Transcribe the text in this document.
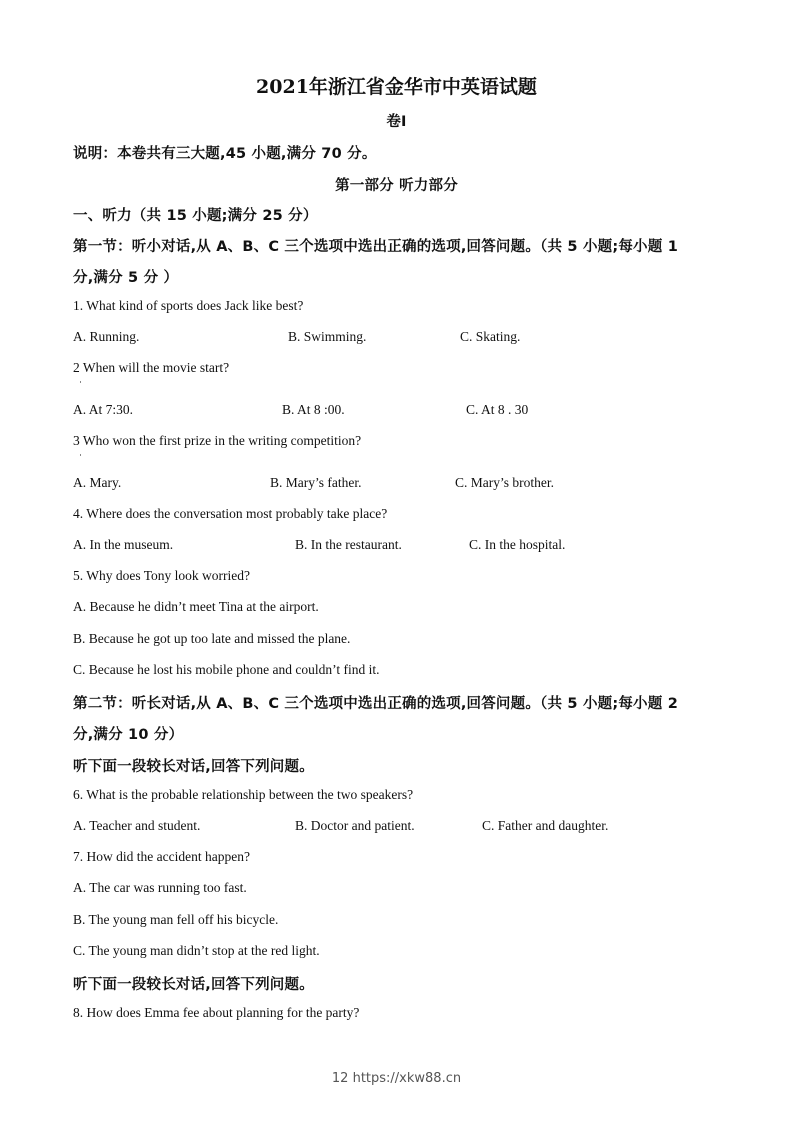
2021年浙江省金华市中英语试题
卷I
说明：本卷共有三大题,45 小题,满分 70 分。
第一部分 听力部分
一、听力（共 15 小题;满分 25 分）
第一节：听小对话,从 A、B、C 三个选项中选出正确的选项,回答问题。（共 5 小题;每小题 1
分,满分 5 分 ）
1. What kind of sports does Jack like best?
A. Running.	B. Swimming.	C. Skating.
2 When will the movie start?
A. At 7:30.	B. At 8 :00.	C. At 8 . 30
3 Who won the first prize in the writing competition?
A. Mary.	B. Mary’s father.	C. Mary’s brother.
4. Where does the conversation most probably take place?
A. In the museum.	B. In the restaurant.	C. In the hospital.
5. Why does Tony look worried?
A. Because he didn’t meet Tina at the airport.
B. Because he got up too late and missed the plane.
C. Because he lost his mobile phone and couldn’t find it.
第二节：听长对话,从 A、B、C 三个选项中选出正确的选项,回答问题。（共 5 小题;每小题 2
分,满分 10 分）
听下面一段较长对话,回答下列问题。
6. What is the probable relationship between the two speakers?
A. Teacher and student.	B. Doctor and patient.	C. Father and daughter.
7. How did the accident happen?
A. The car was running too fast.
B. The young man fell off his bicycle.
C. The young man didn’t stop at the red light.
听下面一段较长对话,回答下列问题。
8. How does Emma fee about planning for the party?
12 https://xkw88.cn
